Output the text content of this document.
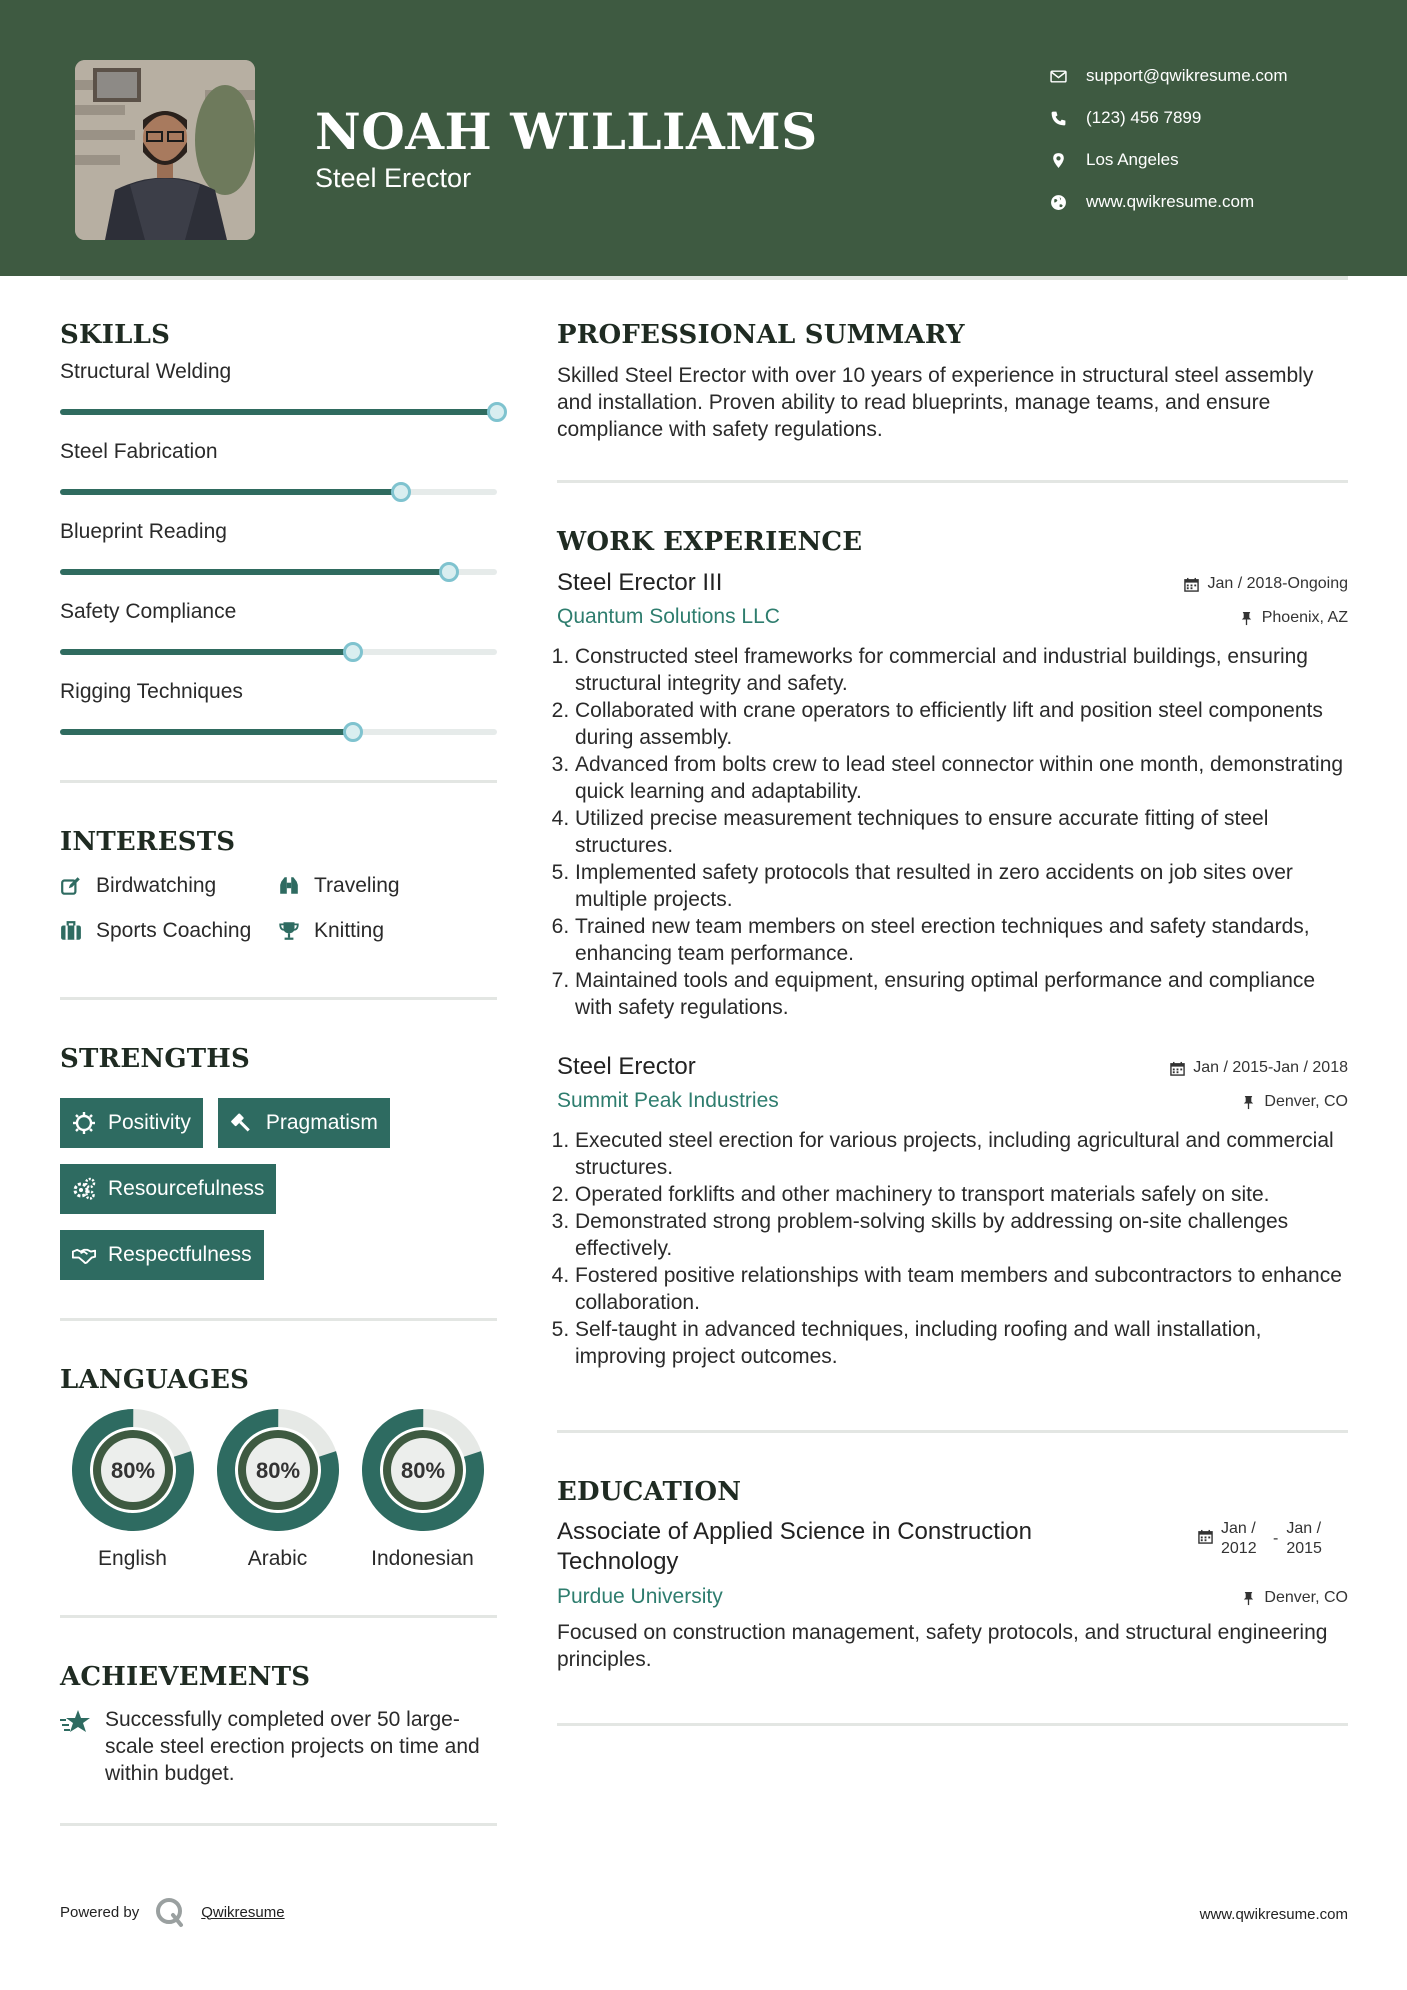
NOAH WILLIAMS
Steel Erector
support@qwikresume.com
(123) 456 7899
Los Angeles
www.qwikresume.com
SKILLS
Structural Welding
Steel Fabrication
Blueprint Reading
Safety Compliance
Rigging Techniques
INTERESTS
Birdwatching	Traveling
Sports Coaching	Knitting
STRENGTHS
Positivity	Pragmatism
Resourcefulness
Respectfulness
LANGUAGES
80%
English
80%
Arabic
80%
Indonesian
ACHIEVEMENTS
Successfully completed over 50 large-scale steel erection projects on time and within budget.
PROFESSIONAL SUMMARY
Skilled Steel Erector with over 10 years of experience in structural steel assembly and installation. Proven ability to read blueprints, manage teams, and ensure compliance with safety regulations.
WORK EXPERIENCE
Steel Erector III	Jan / 2018-Ongoing
Quantum Solutions LLC	Phoenix, AZ
1. Constructed steel frameworks for commercial and industrial buildings, ensuring structural integrity and safety.
2. Collaborated with crane operators to efficiently lift and position steel components during assembly.
3. Advanced from bolts crew to lead steel connector within one month, demonstrating quick learning and adaptability.
4. Utilized precise measurement techniques to ensure accurate fitting of steel structures.
5. Implemented safety protocols that resulted in zero accidents on job sites over multiple projects.
6. Trained new team members on steel erection techniques and safety standards, enhancing team performance.
7. Maintained tools and equipment, ensuring optimal performance and compliance with safety regulations.
Steel Erector	Jan / 2015-Jan / 2018
Summit Peak Industries	Denver, CO
1. Executed steel erection for various projects, including agricultural and commercial structures.
2. Operated forklifts and other machinery to transport materials safely on site.
3. Demonstrated strong problem-solving skills by addressing on-site challenges effectively.
4. Fostered positive relationships with team members and subcontractors to enhance collaboration.
5. Self-taught in advanced techniques, including roofing and wall installation, improving project outcomes.
EDUCATION
Associate of Applied Science in Construction Technology
Jan / 2012
-
Jan / 2015
Purdue University	Denver, CO
Focused on construction management, safety protocols, and structural engineering principles.
Powered by	Qwikresume	www.qwikresume.com
